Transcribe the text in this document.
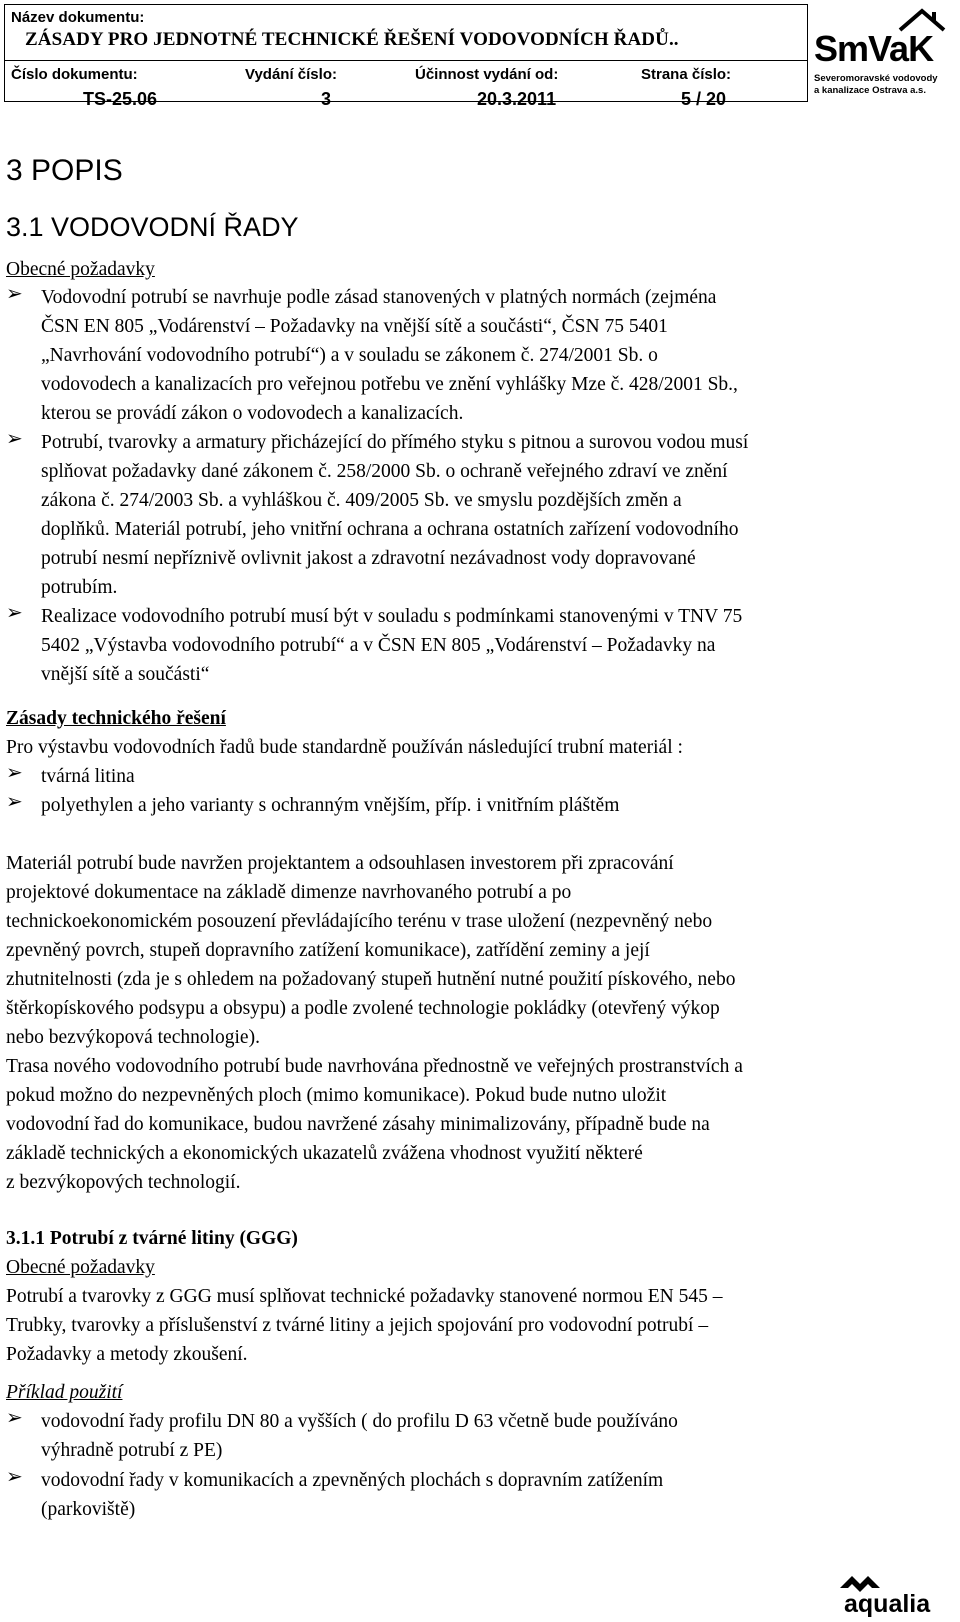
Název dokumentu:
ZÁSADY PRO JEDNOTNÉ TECHNICKÉ ŘEŠENÍ VODOVODNÍCH ŘADŮ..
Číslo dokumentu:
TS-25.06
Vydání číslo:
3
Účinnost vydání od:
20.3.2011
Strana číslo:
5 / 20
SmVaK
Severomoravské vodovody
a kanalizace Ostrava a.s.
3 POPIS
3.1 VODOVODNÍ ŘADY
Obecné požadavky
➢ Vodovodní potrubí se navrhuje podle zásad stanovených v platných normách (zejména
ČSN EN 805 „Vodárenství – Požadavky na vnější sítě a součásti“, ČSN 75 5401
„Navrhování vodovodního potrubí“) a v souladu se zákonem č. 274/2001 Sb. o
vodovodech a kanalizacích pro veřejnou potřebu ve znění vyhlášky Mze č. 428/2001 Sb.,
kterou se provádí zákon o vodovodech a kanalizacích.
➢ Potrubí, tvarovky a armatury přicházející do přímého styku s pitnou a surovou vodou musí
splňovat požadavky dané zákonem č. 258/2000 Sb. o ochraně veřejného zdraví ve znění
zákona č. 274/2003 Sb. a vyhláškou č. 409/2005 Sb. ve smyslu pozdějších změn a
doplňků. Materiál potrubí, jeho vnitřní ochrana a ochrana ostatních zařízení vodovodního
potrubí nesmí nepříznivě ovlivnit jakost a zdravotní nezávadnost vody dopravované
potrubím.
➢ Realizace vodovodního potrubí musí být v souladu s podmínkami stanovenými v TNV 75
5402 „Výstavba vodovodního potrubí“ a v ČSN EN 805 „Vodárenství – Požadavky na
vnější sítě a součásti“
Zásady technického řešení
Pro výstavbu vodovodních řadů bude standardně používán následující trubní materiál :
➢ tvárná litina
➢ polyethylen a jeho varianty s ochranným vnějším, příp. i vnitřním pláštěm
Materiál potrubí bude navržen projektantem a odsouhlasen investorem při zpracování
projektové dokumentace na základě dimenze navrhovaného potrubí a po
technickoekonomickém posouzení převládajícího terénu v trase uložení (nezpevněný nebo
zpevněný povrch, stupeň dopravního zatížení komunikace), zatřídění zeminy a její
zhutnitelnosti (zda je s ohledem na požadovaný stupeň hutnění nutné použití pískového, nebo
štěrkopískového podsypu a obsypu) a podle zvolené technologie pokládky (otevřený výkop
nebo bezvýkopová technologie).
Trasa nového vodovodního potrubí bude navrhována přednostně ve veřejných prostranstvích a
pokud možno do nezpevněných ploch (mimo komunikace). Pokud bude nutno uložit
vodovodní řad do komunikace, budou navržené zásahy minimalizovány, případně bude na
základě technických a ekonomických ukazatelů zvážena vhodnost využití některé
z bezvýkopových technologií.
3.1.1 Potrubí z tvárné litiny (GGG)
Obecné požadavky
Potrubí a tvarovky z GGG musí splňovat technické požadavky stanovené normou EN 545 –
Trubky, tvarovky a příslušenství z tvárné litiny a jejich spojování pro vodovodní potrubí –
Požadavky a metody zkoušení.
Příklad použití
➢ vodovodní řady profilu DN 80 a vyšších ( do profilu D 63 včetně bude používáno
výhradně potrubí z PE)
➢ vodovodní řady v komunikacích a zpevněných plochách s dopravním zatížením
(parkoviště)
aqualia
